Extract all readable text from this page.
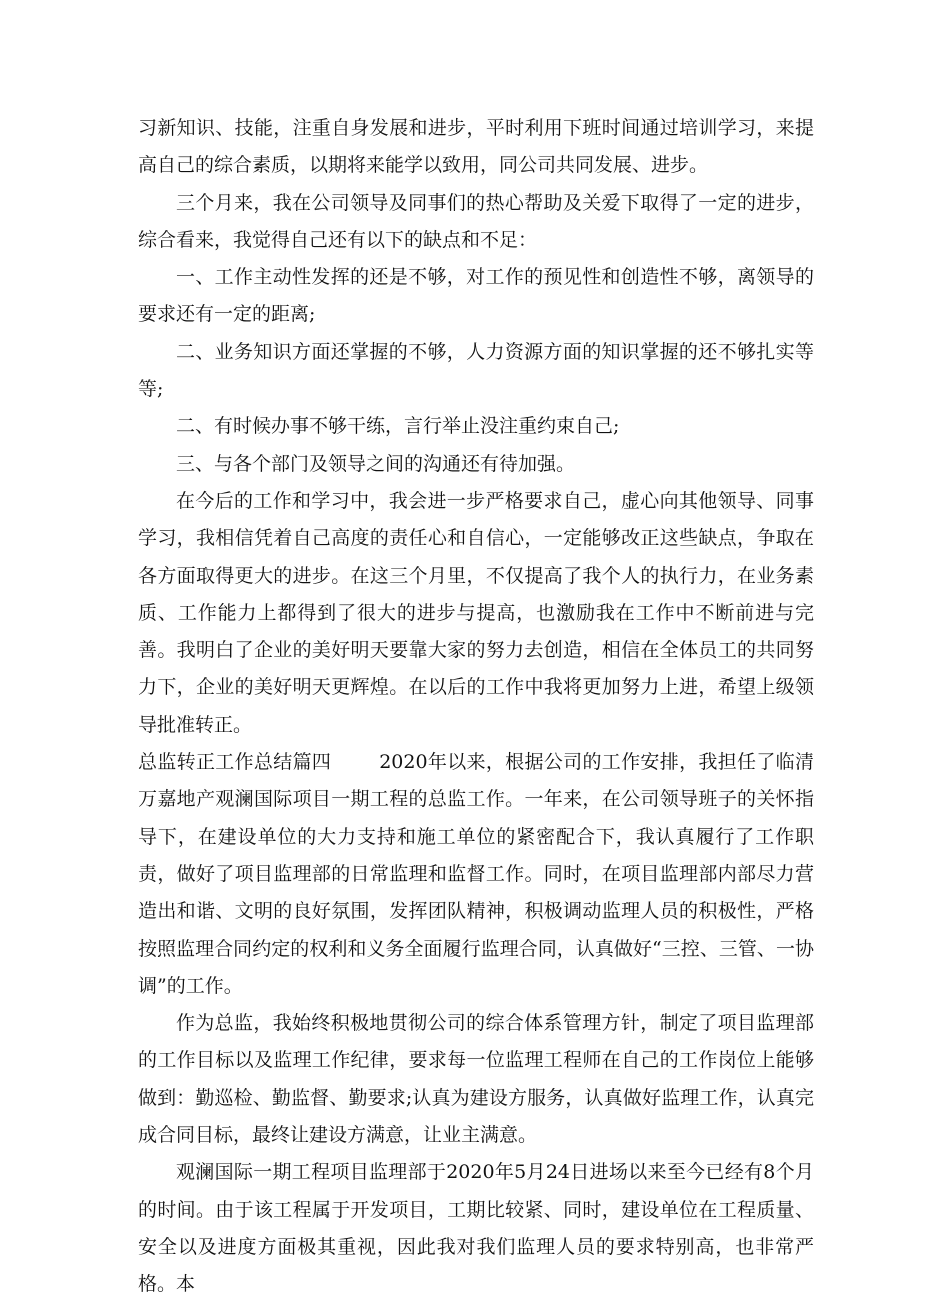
习新知识、技能，注重自身发展和进步，平时利用下班时间通过培训学习，来提高自己的综合素质，以期将来能学以致用，同公司共同发展、进步。

三个月来，我在公司领导及同事们的热心帮助及关爱下取得了一定的进步，综合看来，我觉得自己还有以下的缺点和不足：

一、工作主动性发挥的还是不够，对工作的预见性和创造性不够，离领导的要求还有一定的距离;

二、业务知识方面还掌握的不够，人力资源方面的知识掌握的还不够扎实等等;

二、有时候办事不够干练，言行举止没注重约束自己;

三、与各个部门及领导之间的沟通还有待加强。

在今后的工作和学习中，我会进一步严格要求自己，虚心向其他领导、同事学习，我相信凭着自己高度的责任心和自信心，一定能够改正这些缺点，争取在各方面取得更大的进步。在这三个月里，不仅提高了我个人的执行力，在业务素质、工作能力上都得到了很大的进步与提高，也激励我在工作中不断前进与完善。我明白了企业的美好明天要靠大家的努力去创造，相信在全体员工的共同努力下，企业的美好明天更辉煌。在以后的工作中我将更加努力上进，希望上级领导批准转正。

总监转正工作总结篇四	2020年以来，根据公司的工作安排，我担任了临清万嘉地产观澜国际项目一期工程的总监工作。一年来，在公司领导班子的关怀指导下，在建设单位的大力支持和施工单位的紧密配合下，我认真履行了工作职责，做好了项目监理部的日常监理和监督工作。同时，在项目监理部内部尽力营造出和谐、文明的良好氛围，发挥团队精神，积极调动监理人员的积极性，严格按照监理合同约定的权利和义务全面履行监理合同，认真做好“三控、三管、一协调”的工作。

作为总监，我始终积极地贯彻公司的综合体系管理方针，制定了项目监理部的工作目标以及监理工作纪律，要求每一位监理工程师在自己的工作岗位上能够做到：勤巡检、勤监督、勤要求;认真为建设方服务，认真做好监理工作，认真完成合同目标，最终让建设方满意，让业主满意。

观澜国际一期工程项目监理部于2020年5月24日进场以来至今已经有8个月的时间。由于该工程属于开发项目，工期比较紧、同时，建设单位在工程质量、安全以及进度方面极其重视，因此我对我们监理人员的要求特别高，也非常严格。本
